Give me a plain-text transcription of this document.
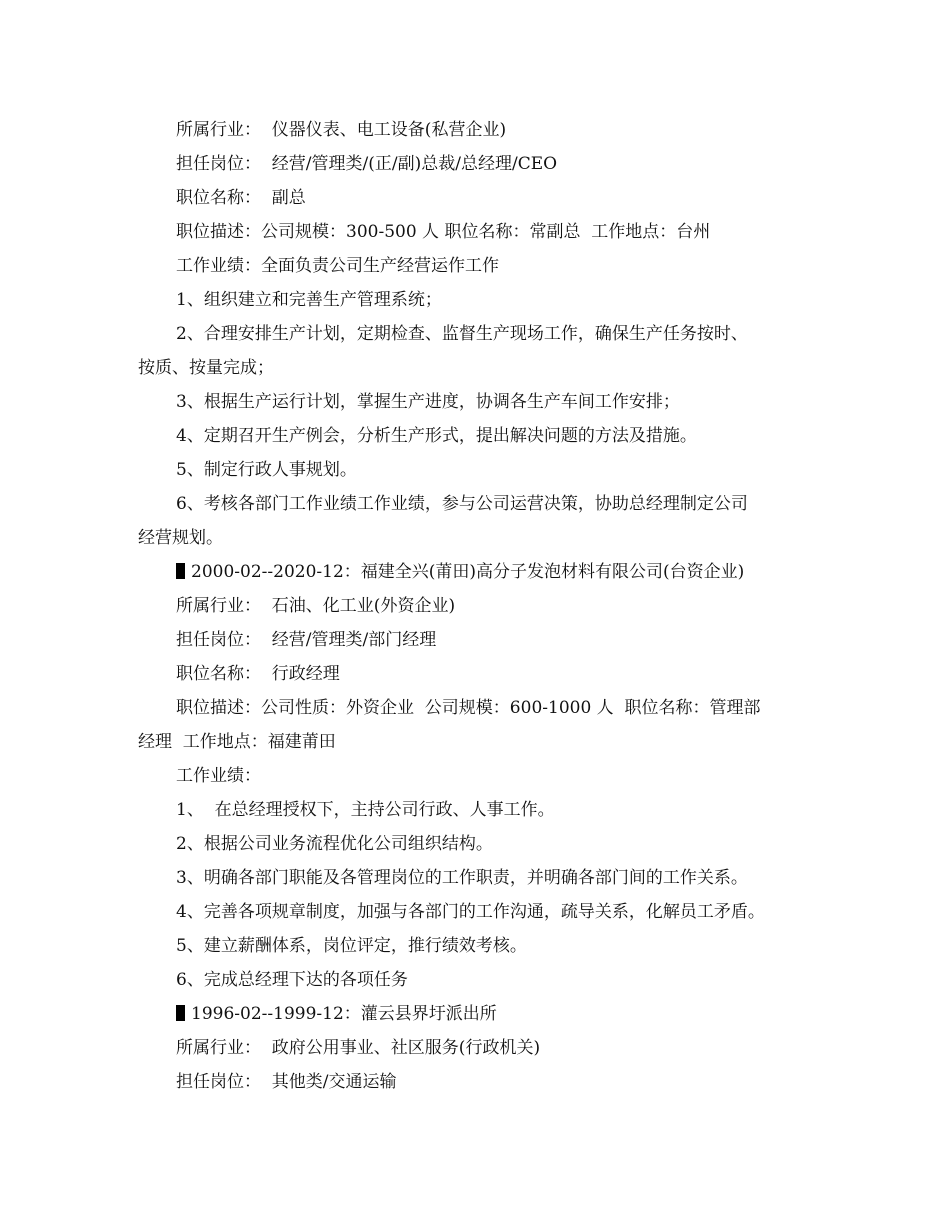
所属行业：  仪器仪表、电工设备(私营企业)
担任岗位：  经营/管理类/(正/副)总裁/总经理/CEO
职位名称：  副总
职位描述：公司规模：300-500 人 职位名称：常副总  工作地点：台州
工作业绩：全面负责公司生产经营运作工作
1、组织建立和完善生产管理系统；
2、合理安排生产计划，定期检查、监督生产现场工作，确保生产任务按时、
按质、按量完成；
3、根据生产运行计划，掌握生产进度，协调各生产车间工作安排；
4、定期召开生产例会，分析生产形式，提出解决问题的方法及措施。
5、制定行政人事规划。
6、考核各部门工作业绩工作业绩，参与公司运营决策，协助总经理制定公司
经营规划。
2000-02--2020-12：福建全兴(莆田)高分子发泡材料有限公司(台资企业)
所属行业：  石油、化工业(外资企业)
担任岗位：  经营/管理类/部门经理
职位名称：  行政经理
职位描述：公司性质：外资企业  公司规模：600-1000 人  职位名称：管理部
经理  工作地点：福建莆田
工作业绩：
1、  在总经理授权下，主持公司行政、人事工作。
2、根据公司业务流程优化公司组织结构。
3、明确各部门职能及各管理岗位的工作职责，并明确各部门间的工作关系。
4、完善各项规章制度，加强与各部门的工作沟通，疏导关系，化解员工矛盾。
5、建立薪酬体系，岗位评定，推行绩效考核。
6、完成总经理下达的各项任务
1996-02--1999-12：灌云县界圩派出所
所属行业：  政府公用事业、社区服务(行政机关)
担任岗位：  其他类/交通运输
